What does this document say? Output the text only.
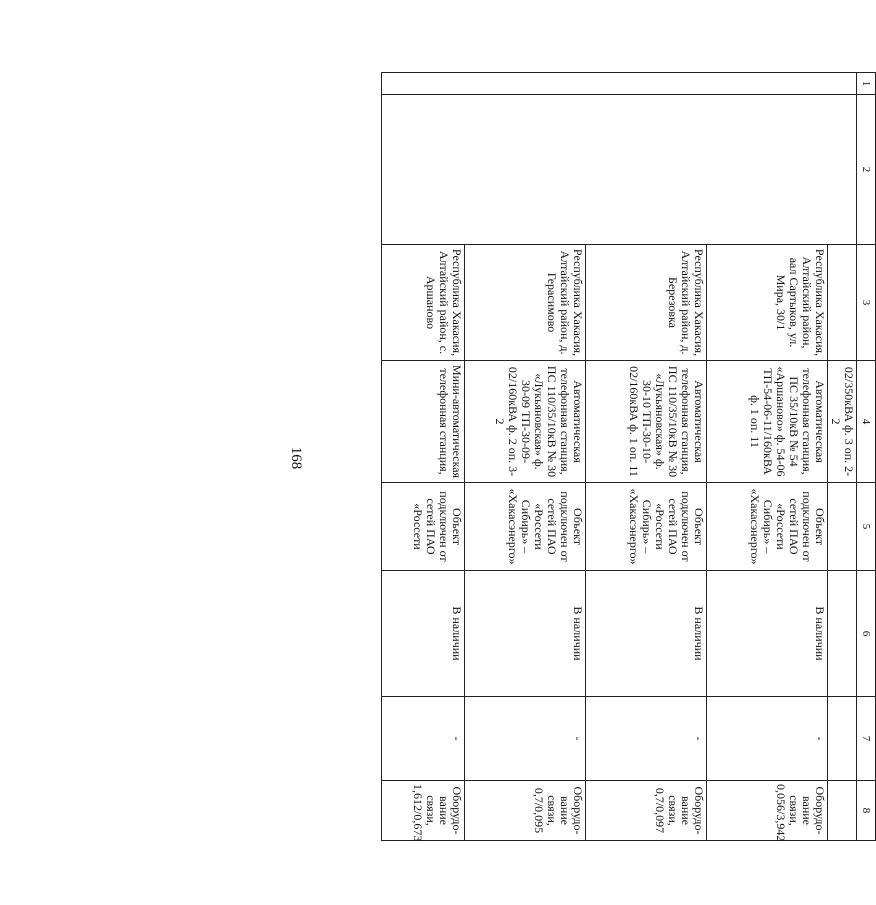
168
1	2	3	4	5	6	7	8
			02/350кВА ф. 3 оп. 2-2				
		Республика Хакасия, Алтайский район, аал Сартыков, ул. Мира, 30/1	Автоматическая телефонная станция, ПС 35/10кВ № 54 «Аршаново» ф. 54-06 ТП-54-06-11/160кВА ф. 1 оп. 11	Объект подключен от сетей ПАО «Россети Сибирь» – «Хакасэнерго»	В наличии	-	Оборудо-вание связи, 0,056/3,942
		Республика Хакасия, Алтайский район, д. Березовка	Автоматическая телефонная станция, ПС 110/35/10кВ № 30 «Лукьяновская» ф. 30-10 ТП-30-10-02/160кВА ф. 1 оп. 11	Объект подключен от сетей ПАО «Россети Сибирь» – «Хакасэнерго»	В наличии	-	Оборудо-вание связи, 0,7/0,097
		Республика Хакасия, Алтайский район, д. Герасимово	Автоматическая телефонная станция, ПС 110/35/10кВ № 30 «Лукьяновская» ф. 30-09 ТП-30-09-02/160кВА ф. 2 оп. 3-2	Объект подключен от сетей ПАО «Россети Сибирь» – «Хакасэнерго»	В наличии	-	Оборудо-вание связи, 0,7/0,095
		Республика Хакасия, Алтайский район, с. Аршаново	Мини-автоматическая телефонная станция,	Объект подключен от сетей ПАО «Россети	В наличии	-	Оборудо-вание связи, 1,612/0,673
